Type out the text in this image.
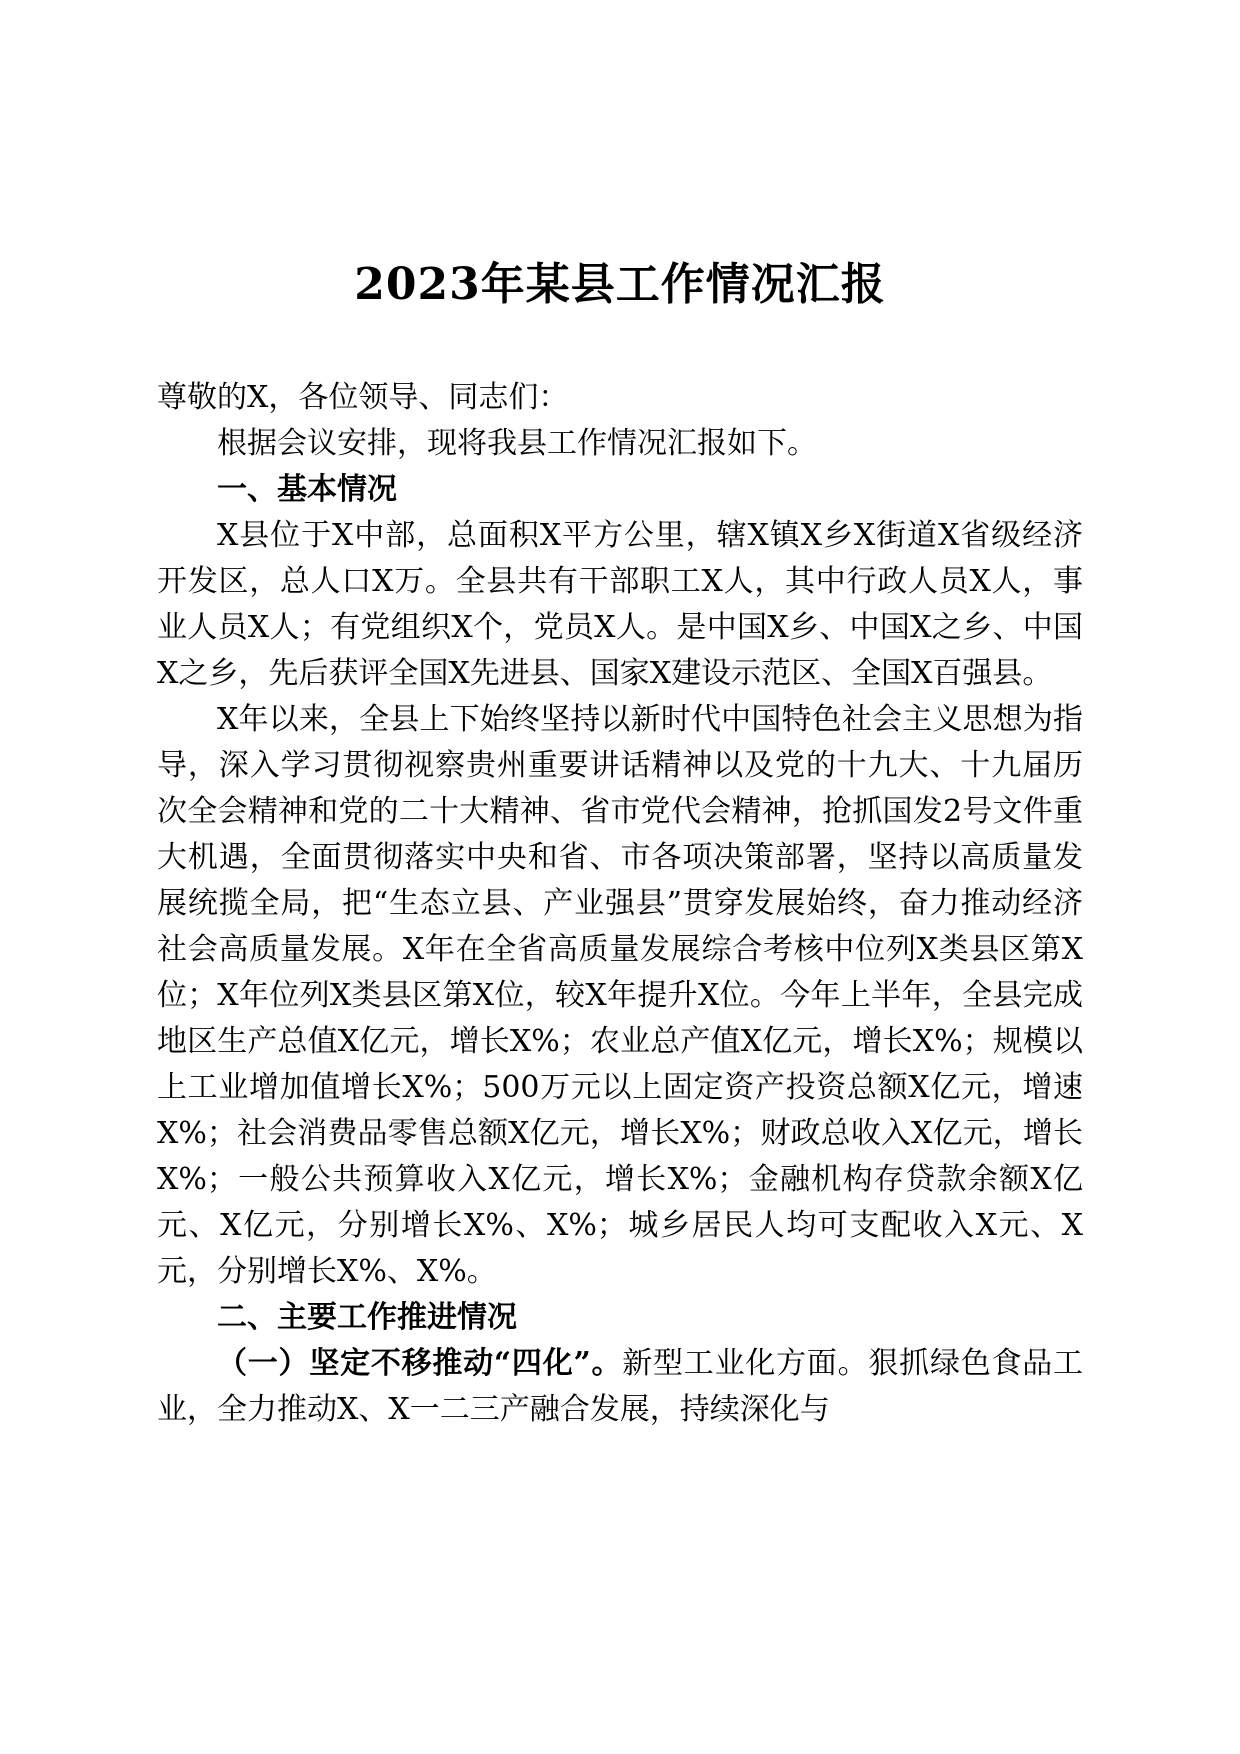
2023年某县工作情况汇报

尊敬的X，各位领导、同志们：

根据会议安排，现将我县工作情况汇报如下。

一、基本情况

X县位于X中部，总面积X平方公里，辖X镇X乡X街道X省级经济开发区，总人口X万。全县共有干部职工X人，其中行政人员X人，事业人员X人；有党组织X个，党员X人。是中国X乡、中国X之乡、中国X之乡，先后获评全国X先进县、国家X建设示范区、全国X百强县。

X年以来，全县上下始终坚持以新时代中国特色社会主义思想为指导，深入学习贯彻视察贵州重要讲话精神以及党的十九大、十九届历次全会精神和党的二十大精神、省市党代会精神，抢抓国发2号文件重大机遇，全面贯彻落实中央和省、市各项决策部署，坚持以高质量发展统揽全局，把“生态立县、产业强县”贯穿发展始终，奋力推动经济社会高质量发展。X年在全省高质量发展综合考核中位列X类县区第X位；X年位列X类县区第X位，较X年提升X位。今年上半年，全县完成地区生产总值X亿元，增长X%；农业总产值X亿元，增长X%；规模以上工业增加值增长X%；500万元以上固定资产投资总额X亿元，增速X%；社会消费品零售总额X亿元，增长X%；财政总收入X亿元，增长X%；一般公共预算收入X亿元，增长X%；金融机构存贷款余额X亿元、X亿元，分别增长X%、X%；城乡居民人均可支配收入X元、X元，分别增长X%、X%。

二、主要工作推进情况

（一）坚定不移推动“四化”。新型工业化方面。狠抓绿色食品工业，全力推动X、X一二三产融合发展，持续深化与
